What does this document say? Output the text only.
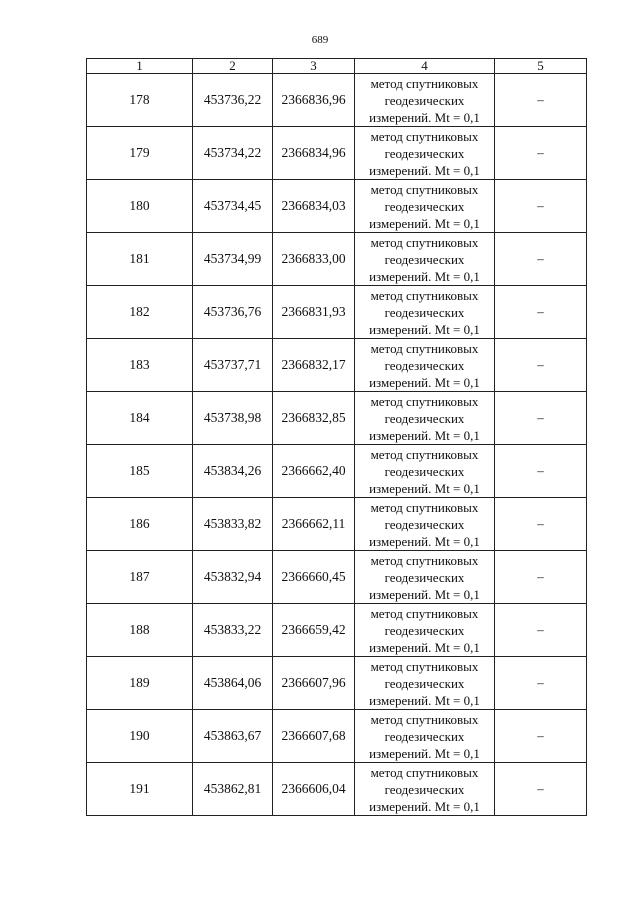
689
1	2	3	4	5
178	453736,22	2366836,96	метод спутниковых
геодезических
измерений. Mt = 0,1	–
179	453734,22	2366834,96	метод спутниковых
геодезических
измерений. Mt = 0,1	–
180	453734,45	2366834,03	метод спутниковых
геодезических
измерений. Mt = 0,1	–
181	453734,99	2366833,00	метод спутниковых
геодезических
измерений. Mt = 0,1	–
182	453736,76	2366831,93	метод спутниковых
геодезических
измерений. Mt = 0,1	–
183	453737,71	2366832,17	метод спутниковых
геодезических
измерений. Mt = 0,1	–
184	453738,98	2366832,85	метод спутниковых
геодезических
измерений. Mt = 0,1	–
185	453834,26	2366662,40	метод спутниковых
геодезических
измерений. Mt = 0,1	–
186	453833,82	2366662,11	метод спутниковых
геодезических
измерений. Mt = 0,1	–
187	453832,94	2366660,45	метод спутниковых
геодезических
измерений. Mt = 0,1	–
188	453833,22	2366659,42	метод спутниковых
геодезических
измерений. Mt = 0,1	–
189	453864,06	2366607,96	метод спутниковых
геодезических
измерений. Mt = 0,1	–
190	453863,67	2366607,68	метод спутниковых
геодезических
измерений. Mt = 0,1	–
191	453862,81	2366606,04	метод спутниковых
геодезических
измерений. Mt = 0,1	–
